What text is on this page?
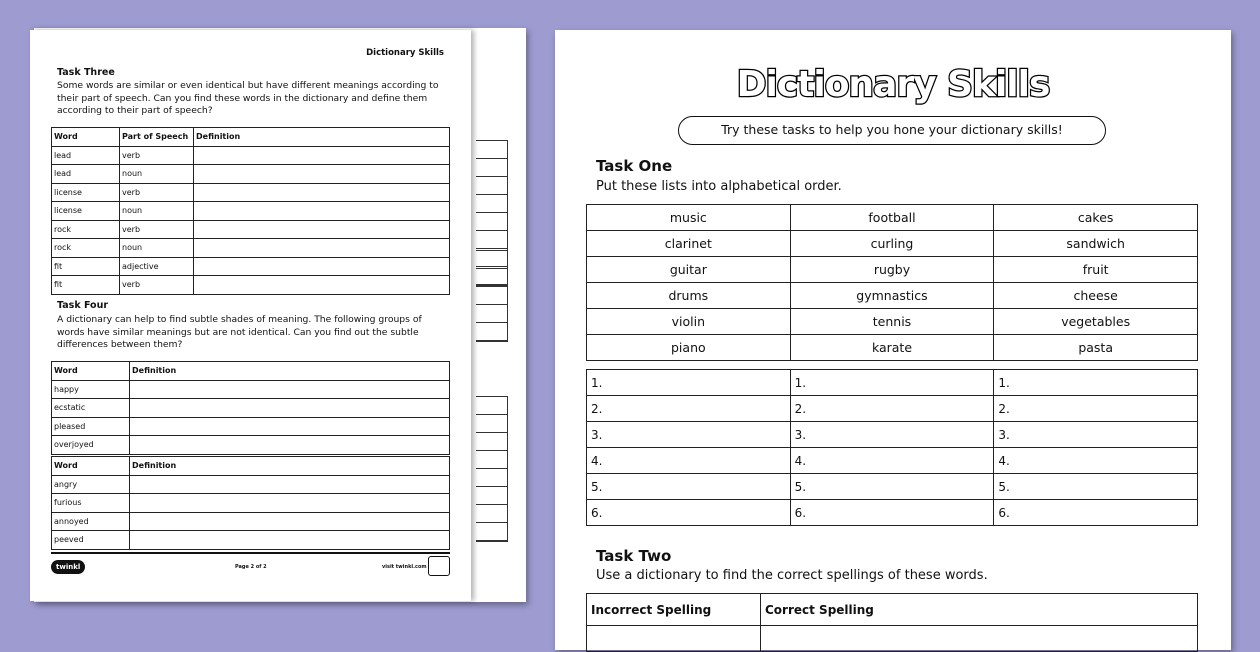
Dictionary Skills
Task Three
Some words are similar or even identical but have different meanings according to their part of speech. Can you find these words in the dictionary and define them according to their part of speech?
Word	Part of Speech	Definition
lead	verb	
lead	noun	
license	verb	
license	noun	
rock	verb	
rock	noun	
fit	adjective	
fit	verb	
Task Four
A dictionary can help to find subtle shades of meaning. The following groups of words have similar meanings but are not identical. Can you find out the subtle differences between them?
Word	Definition
happy	
ecstatic	
pleased	
overjoyed	
Word	Definition
angry	
furious	
annoyed	
peeved	
twinkl	Page 2 of 2	visit twinkl.com
Dictionary Skills
Try these tasks to help you hone your dictionary skills!
Task One
Put these lists into alphabetical order.
music	football	cakes
clarinet	curling	sandwich
guitar	rugby	fruit
drums	gymnastics	cheese
violin	tennis	vegetables
piano	karate	pasta
1.	1.	1.
2.	2.	2.
3.	3.	3.
4.	4.	4.
5.	5.	5.
6.	6.	6.
Task Two
Use a dictionary to find the correct spellings of these words.
Incorrect Spelling	Correct Spelling
